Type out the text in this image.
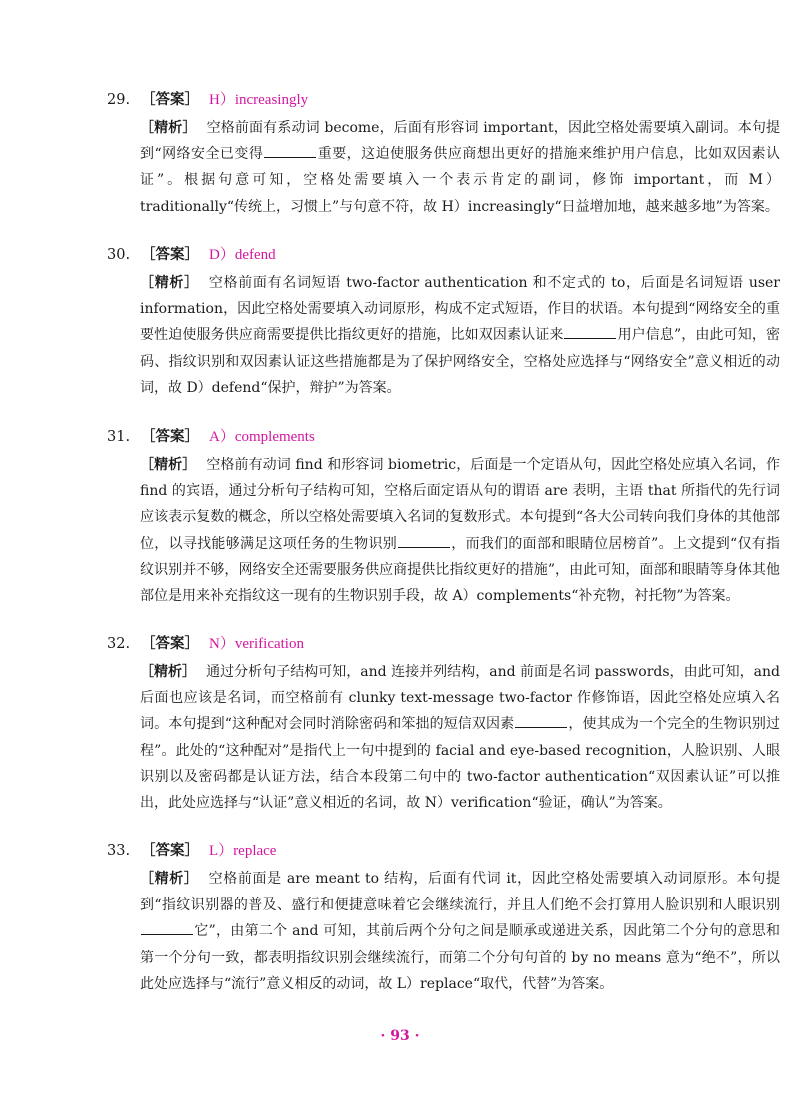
29. ［答案］ H）increasingly
［精析］ 空格前面有系动词 become，后面有形容词 important，因此空格处需要填入副词。本句提到“网络安全已变得	重要，这迫使服务供应商想出更好的措施来维护用户信息，比如双因素认证”。根据句意可知，空格处需要填入一个表示肯定的副词，修饰 important，而 M）traditionally“传统上，习惯上”与句意不符，故 H）increasingly“日益增加地，越来越多地”为答案。
30. ［答案］ D）defend
［精析］ 空格前面有名词短语 two-factor authentication 和不定式的 to，后面是名词短语 user information，因此空格处需要填入动词原形，构成不定式短语，作目的状语。本句提到“网络安全的重要性迫使服务供应商需要提供比指纹更好的措施，比如双因素认证来	用户信息”，由此可知，密码、指纹识别和双因素认证这些措施都是为了保护网络安全，空格处应选择与“网络安全”意义相近的动词，故 D）defend“保护，辩护”为答案。
31. ［答案］ A）complements
［精析］ 空格前有动词 find 和形容词 biometric，后面是一个定语从句，因此空格处应填入名词，作 find 的宾语，通过分析句子结构可知，空格后面定语从句的谓语 are 表明，主语 that 所指代的先行词应该表示复数的概念，所以空格处需要填入名词的复数形式。本句提到“各大公司转向我们身体的其他部位，以寻找能够满足这项任务的生物识别	，而我们的面部和眼睛位居榜首”。上文提到“仅有指纹识别并不够，网络安全还需要服务供应商提供比指纹更好的措施”，由此可知，面部和眼睛等身体其他部位是用来补充指纹这一现有的生物识别手段，故 A）complements“补充物，衬托物”为答案。
32. ［答案］ N）verification
［精析］ 通过分析句子结构可知，and 连接并列结构，and 前面是名词 passwords，由此可知，and 后面也应该是名词，而空格前有 clunky text-message two-factor 作修饰语，因此空格处应填入名词。本句提到“这种配对会同时消除密码和笨拙的短信双因素	，使其成为一个完全的生物识别过程”。此处的“这种配对”是指代上一句中提到的 facial and eye-based recognition，人脸识别、人眼识别以及密码都是认证方法，结合本段第二句中的 two-factor authentication“双因素认证”可以推出，此处应选择与“认证”意义相近的名词，故 N）verification“验证，确认”为答案。
33. ［答案］ L）replace
［精析］ 空格前面是 are meant to 结构，后面有代词 it，因此空格处需要填入动词原形。本句提到“指纹识别器的普及、盛行和便捷意味着它会继续流行，并且人们绝不会打算用人脸识别和人眼识别它”，由第二个 and 可知，其前后两个分句之间是顺承或递进关系，因此第二个分句的意思和第一个分句一致，都表明指纹识别会继续流行，而第二个分句句首的 by no means 意为“绝不”，所以此处应选择与“流行”意义相反的动词，故 L）replace“取代，代替”为答案。
· 93 ·
